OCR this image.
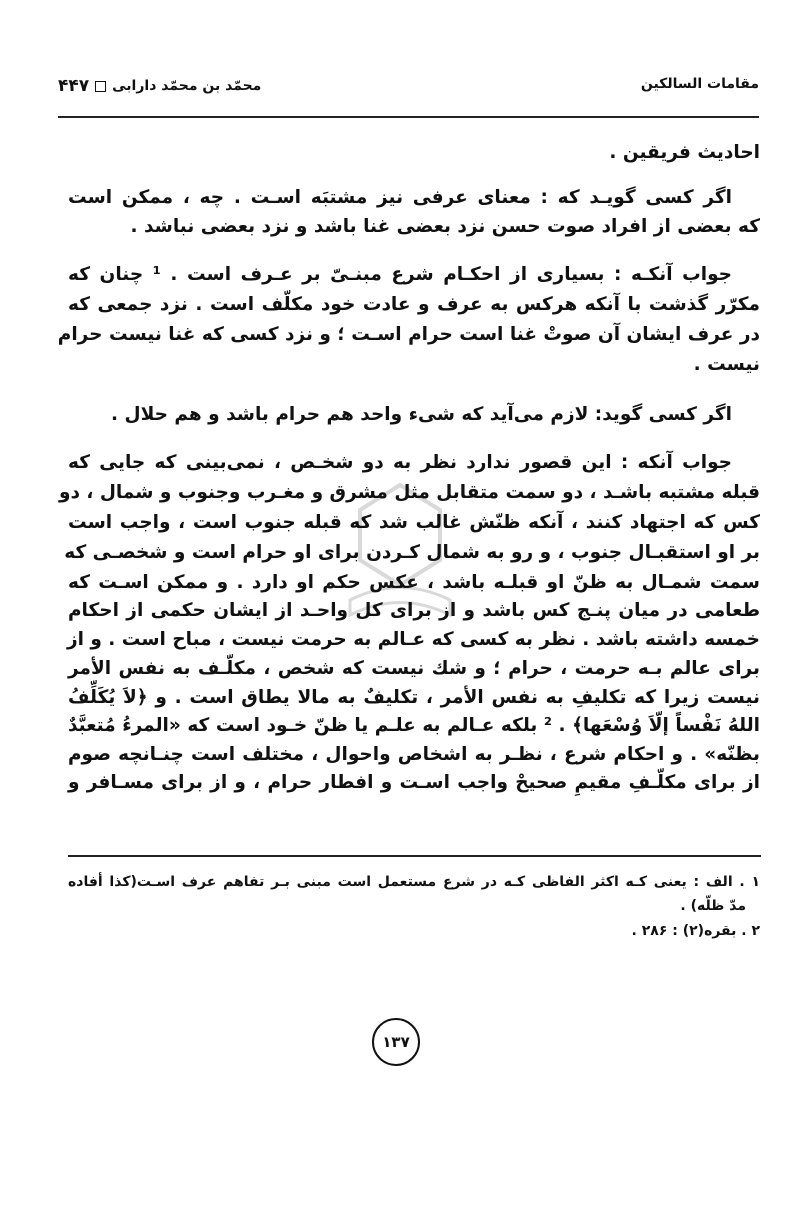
مقامات السالکین
محمّد بن محمّد دارابی
۴۴۷
احادیث فریقین .
اگر کسی گویـد که : معنای عرفی نیز مشتبَه اسـت . چه ، ممکن است
که بعضی از افراد صوت حسن نزد بعضی غنا باشد و نزد بعضی نباشد .
جواب آنکـه : بسیاری از احکـام شرع مبنـیّ بر عـرف است . ¹ چنان که
مکرّر گذشت با آنکه هرکس به عرف و عادت خود مکلّف است . نزد جمعی که
در عرف ایشان آن صوتْ غنا است حرام اسـت ؛ و نزد کسی که غنا نیست حرام
نیست .
اگر کسی گوید: لازم می‌آید که شیء واحد هم حرام باشد و هم حلال .
جواب آنکه : این قصور ندارد نظر به دو شخـص ، نمی‌بینی که جایی که
قبله مشتبه باشـد ، دو سمت متقابل مثل مشرق و مغـرب وجنوب و شمال ، دو
کس که اجتهاد کنند ، آنکه ظنّش غالب شد که قبله جنوب است ، واجب است
بر او استقبـال جنوب ، و رو به شمال کـردن برای او حرام است و شخصـی که
سمت شمـال به ظنّ او قبلـه باشد ، عکس حکم او دارد . و ممکن اسـت که
طعامی در میان پنـج کس باشد و از برای کل واحـد از ایشان حکمی از احکام
خمسه داشته باشد . نظر به کسی که عـالم به حرمت نیست ، مباح است . و از
برای عالم بـه حرمت ، حرام ؛ و شك نیست که شخص ، مکلّـف به نفس الأمر
نیست زیرا که تکلیفِ به نفس الأمر ، تکلیفٌ به مالا یطاق است . و ﴿لاَ یُکَلِّفُ
اللهُ نَفْساً إلّاَ وُسْعَها﴾ . ² بلکه عـالم به علـم یا ظنّ خـود است که «المرءُ مُتعبَّدٌ
بظنّه» . و احکام شرع ، نظـر به اشخاص واحوال ، مختلف است چنـانچه صوم
از برای مکلّـفِ مقیمِ صحیحْ واجب اسـت و افطار حرام ، و از برای مسـافر و
۱ . الف : یعنی کـه اکثر الفاظی کـه در شرع مستعمل است مبنی بـر تفاهم عرف اسـت(کذا أفاده
مدّ ظلّه) .
۲ . بقره(۲) : ۲۸۶ .
۱۳۷
